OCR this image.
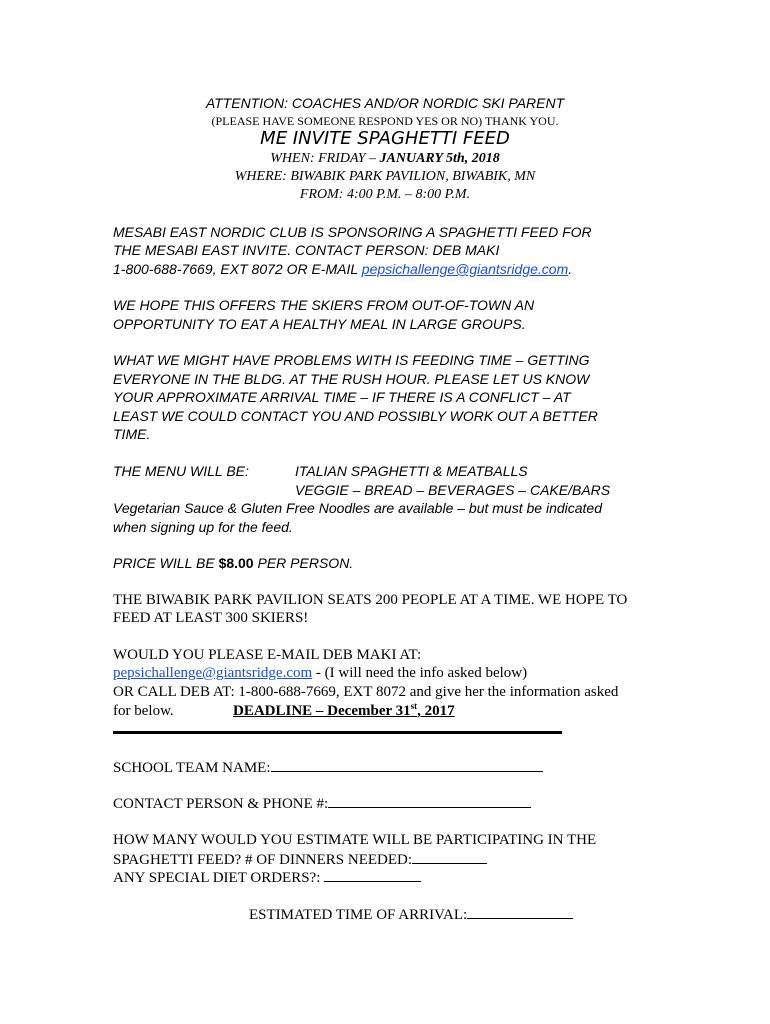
ATTENTION: COACHES AND/OR NORDIC SKI PARENT
(PLEASE HAVE SOMEONE RESPOND YES OR NO) THANK YOU.
ME INVITE SPAGHETTI FEED
WHEN: FRIDAY – JANUARY 5th, 2018
WHERE: BIWABIK PARK PAVILION, BIWABIK, MN
FROM: 4:00 P.M. – 8:00 P.M.
MESABI EAST NORDIC CLUB IS SPONSORING A SPAGHETTI FEED FOR
THE MESABI EAST INVITE. CONTACT PERSON: DEB MAKI
1-800-688-7669, EXT 8072 OR E-MAIL pepsichallenge@giantsridge.com.
WE HOPE THIS OFFERS THE SKIERS FROM OUT-OF-TOWN AN
OPPORTUNITY TO EAT A HEALTHY MEAL IN LARGE GROUPS.
WHAT WE MIGHT HAVE PROBLEMS WITH IS FEEDING TIME – GETTING
EVERYONE IN THE BLDG. AT THE RUSH HOUR. PLEASE LET US KNOW
YOUR APPROXIMATE ARRIVAL TIME – IF THERE IS A CONFLICT – AT
LEAST WE COULD CONTACT YOU AND POSSIBLY WORK OUT A BETTER
TIME.
THE MENU WILL BE:	ITALIAN SPAGHETTI & MEATBALLS
VEGGIE – BREAD – BEVERAGES – CAKE/BARS
Vegetarian Sauce & Gluten Free Noodles are available – but must be indicated
when signing up for the feed.
PRICE WILL BE $8.00 PER PERSON.
THE BIWABIK PARK PAVILION SEATS 200 PEOPLE AT A TIME. WE HOPE TO
FEED AT LEAST 300 SKIERS!
WOULD YOU PLEASE E-MAIL DEB MAKI AT:
pepsichallenge@giantsridge.com - (I will need the info asked below)
OR CALL DEB AT: 1-800-688-7669, EXT 8072 and give her the information asked
for below.	DEADLINE – December 31st, 2017
SCHOOL TEAM NAME:
CONTACT PERSON & PHONE #:
HOW MANY WOULD YOU ESTIMATE WILL BE PARTICIPATING IN THE
SPAGHETTI FEED? # OF DINNERS NEEDED:
ANY SPECIAL DIET ORDERS?:
ESTIMATED TIME OF ARRIVAL:
